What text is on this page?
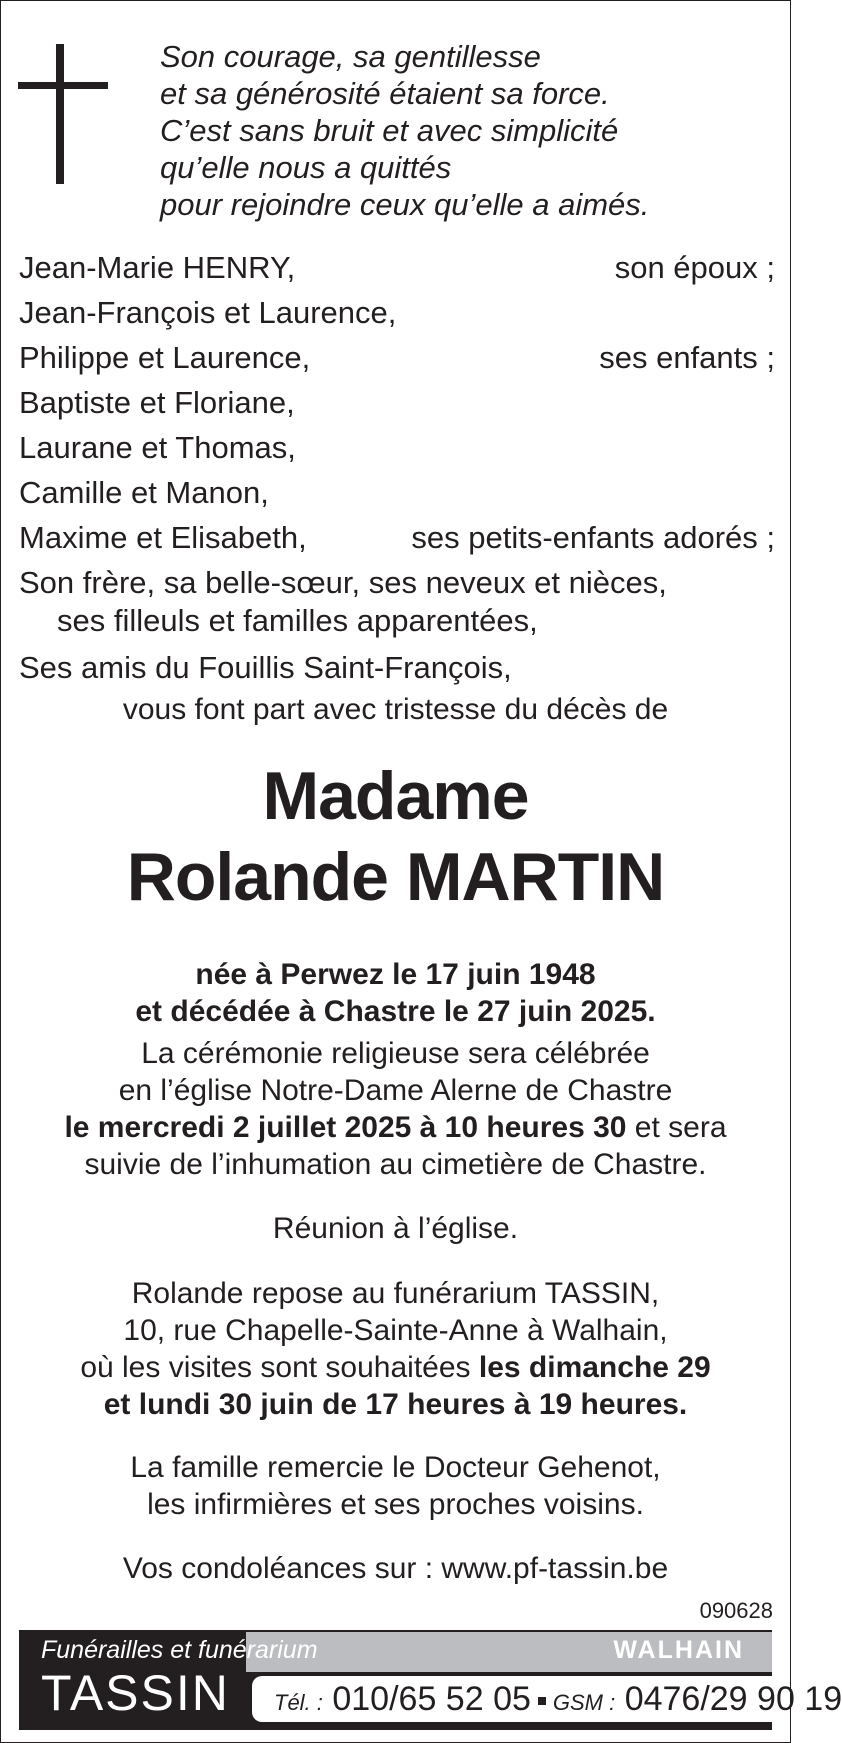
Son courage, sa gentillesse
et sa générosité étaient sa force.
C’est sans bruit et avec simplicité
qu’elle nous a quittés
pour rejoindre ceux qu’elle a aimés.
Jean-Marie HENRY,	son époux ;
Jean-François et Laurence,
Philippe et Laurence,	ses enfants ;
Baptiste et Floriane,
Laurane et Thomas,
Camille et Manon,
Maxime et Elisabeth,	ses petits-enfants adorés ;
Son frère, sa belle-sœur, ses neveux et nièces,
ses filleuls et familles apparentées,
Ses amis du Fouillis Saint-François,
vous font part avec tristesse du décès de
Madame
Rolande MARTIN
née à Perwez le 17 juin 1948
et décédée à Chastre le 27 juin 2025.
La cérémonie religieuse sera célébrée
en l’église Notre-Dame Alerne de Chastre
le mercredi 2 juillet 2025 à 10 heures 30 et sera
suivie de l’inhumation au cimetière de Chastre.
Réunion à l’église.
Rolande repose au funérarium TASSIN,
10, rue Chapelle-Sainte-Anne à Walhain,
où les visites sont souhaitées les dimanche 29
et lundi 30 juin de 17 heures à 19 heures.
La famille remercie le Docteur Gehenot,
les infirmières et ses proches voisins.
Vos condoléances sur : www.pf-tassin.be
090628
Funérailles et funérarium
TASSIN
WALHAIN
Tél. : 010/65 52 05 GSM : 0476/29 90 19
